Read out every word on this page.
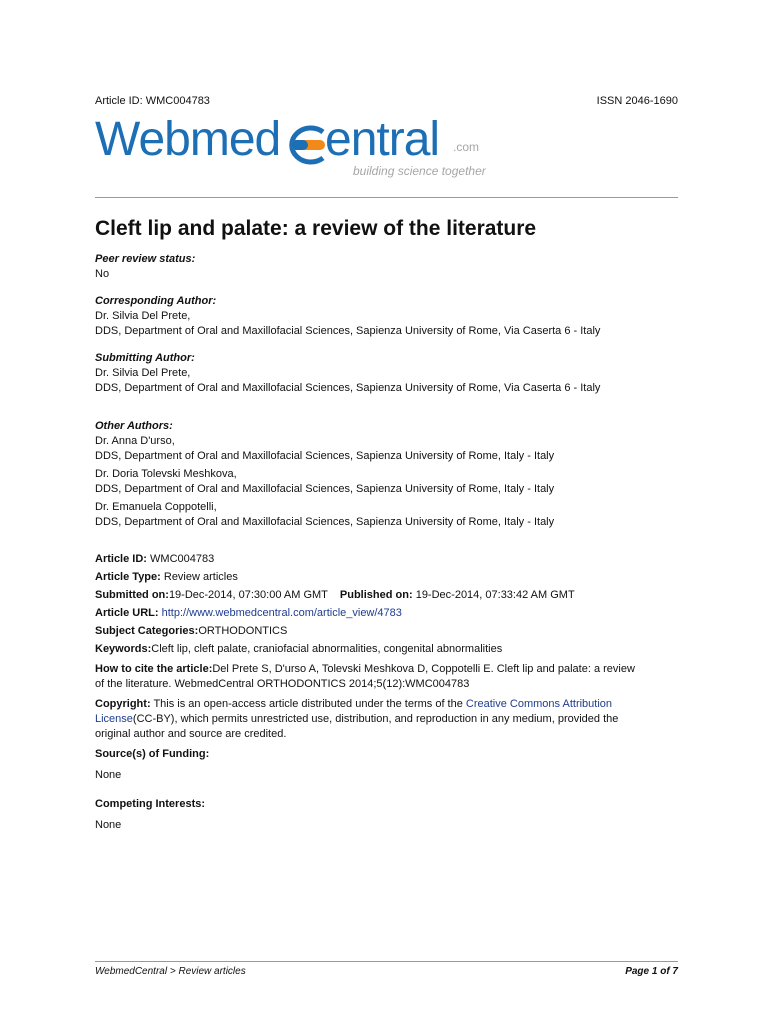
Article ID: WMC004783	ISSN 2046-1690
Webmed entral .com
building science together
Cleft lip and palate: a review of the literature
Peer review status:
No
Corresponding Author:
Dr. Silvia Del Prete,
DDS, Department of Oral and Maxillofacial Sciences, Sapienza University of Rome, Via Caserta 6 - Italy
Submitting Author:
Dr. Silvia Del Prete,
DDS, Department of Oral and Maxillofacial Sciences, Sapienza University of Rome, Via Caserta 6 - Italy
Other Authors:
Dr. Anna D'urso,
DDS, Department of Oral and Maxillofacial Sciences, Sapienza University of Rome, Italy - Italy
Dr. Doria Tolevski Meshkova,
DDS, Department of Oral and Maxillofacial Sciences, Sapienza University of Rome, Italy - Italy
Dr. Emanuela Coppotelli,
DDS, Department of Oral and Maxillofacial Sciences, Sapienza University of Rome, Italy - Italy
Article ID: WMC004783
Article Type: Review articles
Submitted on:19-Dec-2014, 07:30:00 AM GMT Published on: 19-Dec-2014, 07:33:42 AM GMT
Article URL: http://www.webmedcentral.com/article_view/4783
Subject Categories:ORTHODONTICS
Keywords:Cleft lip, cleft palate, craniofacial abnormalities, congenital abnormalities
How to cite the article:Del Prete S, D'urso A, Tolevski Meshkova D, Coppotelli E. Cleft lip and palate: a review
of the literature. WebmedCentral ORTHODONTICS 2014;5(12):WMC004783
Copyright: This is an open-access article distributed under the terms of the Creative Commons Attribution
License(CC-BY), which permits unrestricted use, distribution, and reproduction in any medium, provided the
original author and source are credited.
Source(s) of Funding:
None
Competing Interests:
None
WebmedCentral > Review articles	Page 1 of 7
